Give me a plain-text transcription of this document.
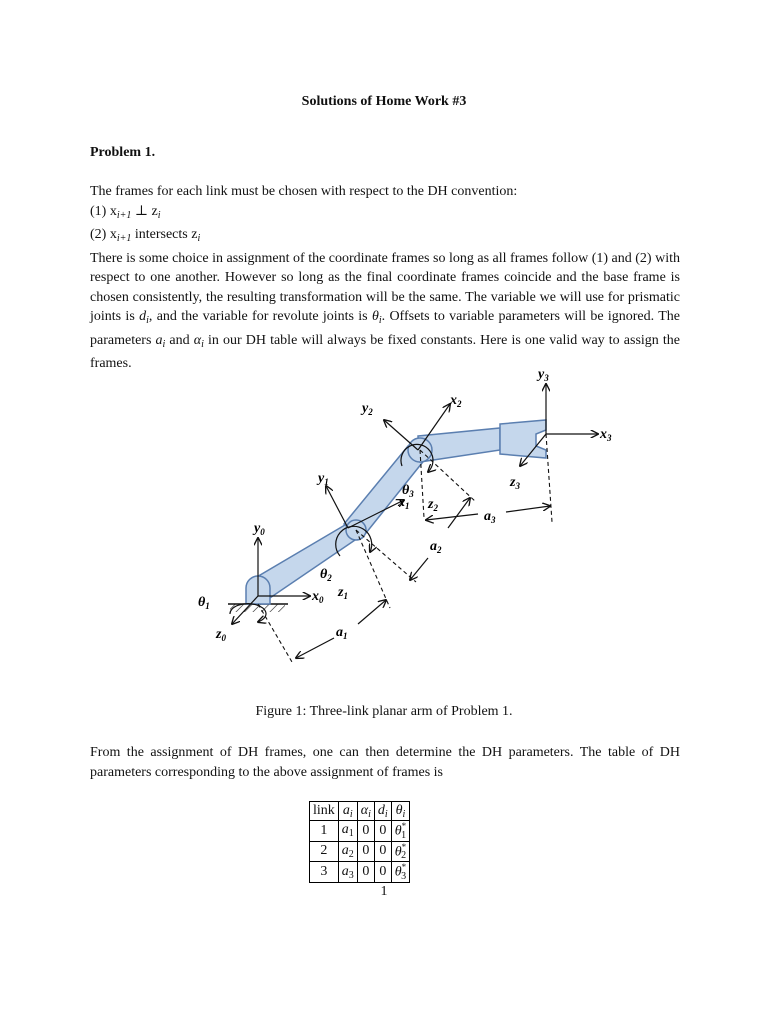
Solutions of Home Work #3
Problem 1.
The frames for each link must be chosen with respect to the DH convention:
(1) $x_{i+1}$ ⊥ $z_i$
(2) $x_{i+1}$ intersects $z_i$
There is some choice in assignment of the coordinate frames so long as all frames follow (1) and (2) with respect to one another. However so long as the final coordinate frames coincide and the base frame is chosen consistently, the resulting transformation will be the same. The variable we will use for prismatic joints is $d_i$, and the variable for revolute joints is $\theta_i$. Offsets to variable parameters will be ignored. The parameters $a_i$ and $\alpha_i$ in our DH table will always be fixed constants. Here is one valid way to assign the frames.
$y_0$
$x_0$
$z_0$
$z_1$
$\theta_1$
$y_1$
$x_1$
$\theta_2$
$y_2$
$x_2$
$z_2$
$\theta_3$
$y_3$
$x_3$
$z_3$
$a_1$
$a_2$
$a_3$
Figure 1: Three-link planar arm of Problem 1.
From the assignment of DH frames, one can then determine the DH parameters. The table of DH parameters corresponding to the above assignment of frames is
link	$a_i$	$\alpha_i$	$d_i$	$\theta_i$
1	$a_1$	0	0	$\theta^*_1$
2	$a_2$	0	0	$\theta^*_2$
3	$a_3$	0	0	$\theta^*_3$
1
